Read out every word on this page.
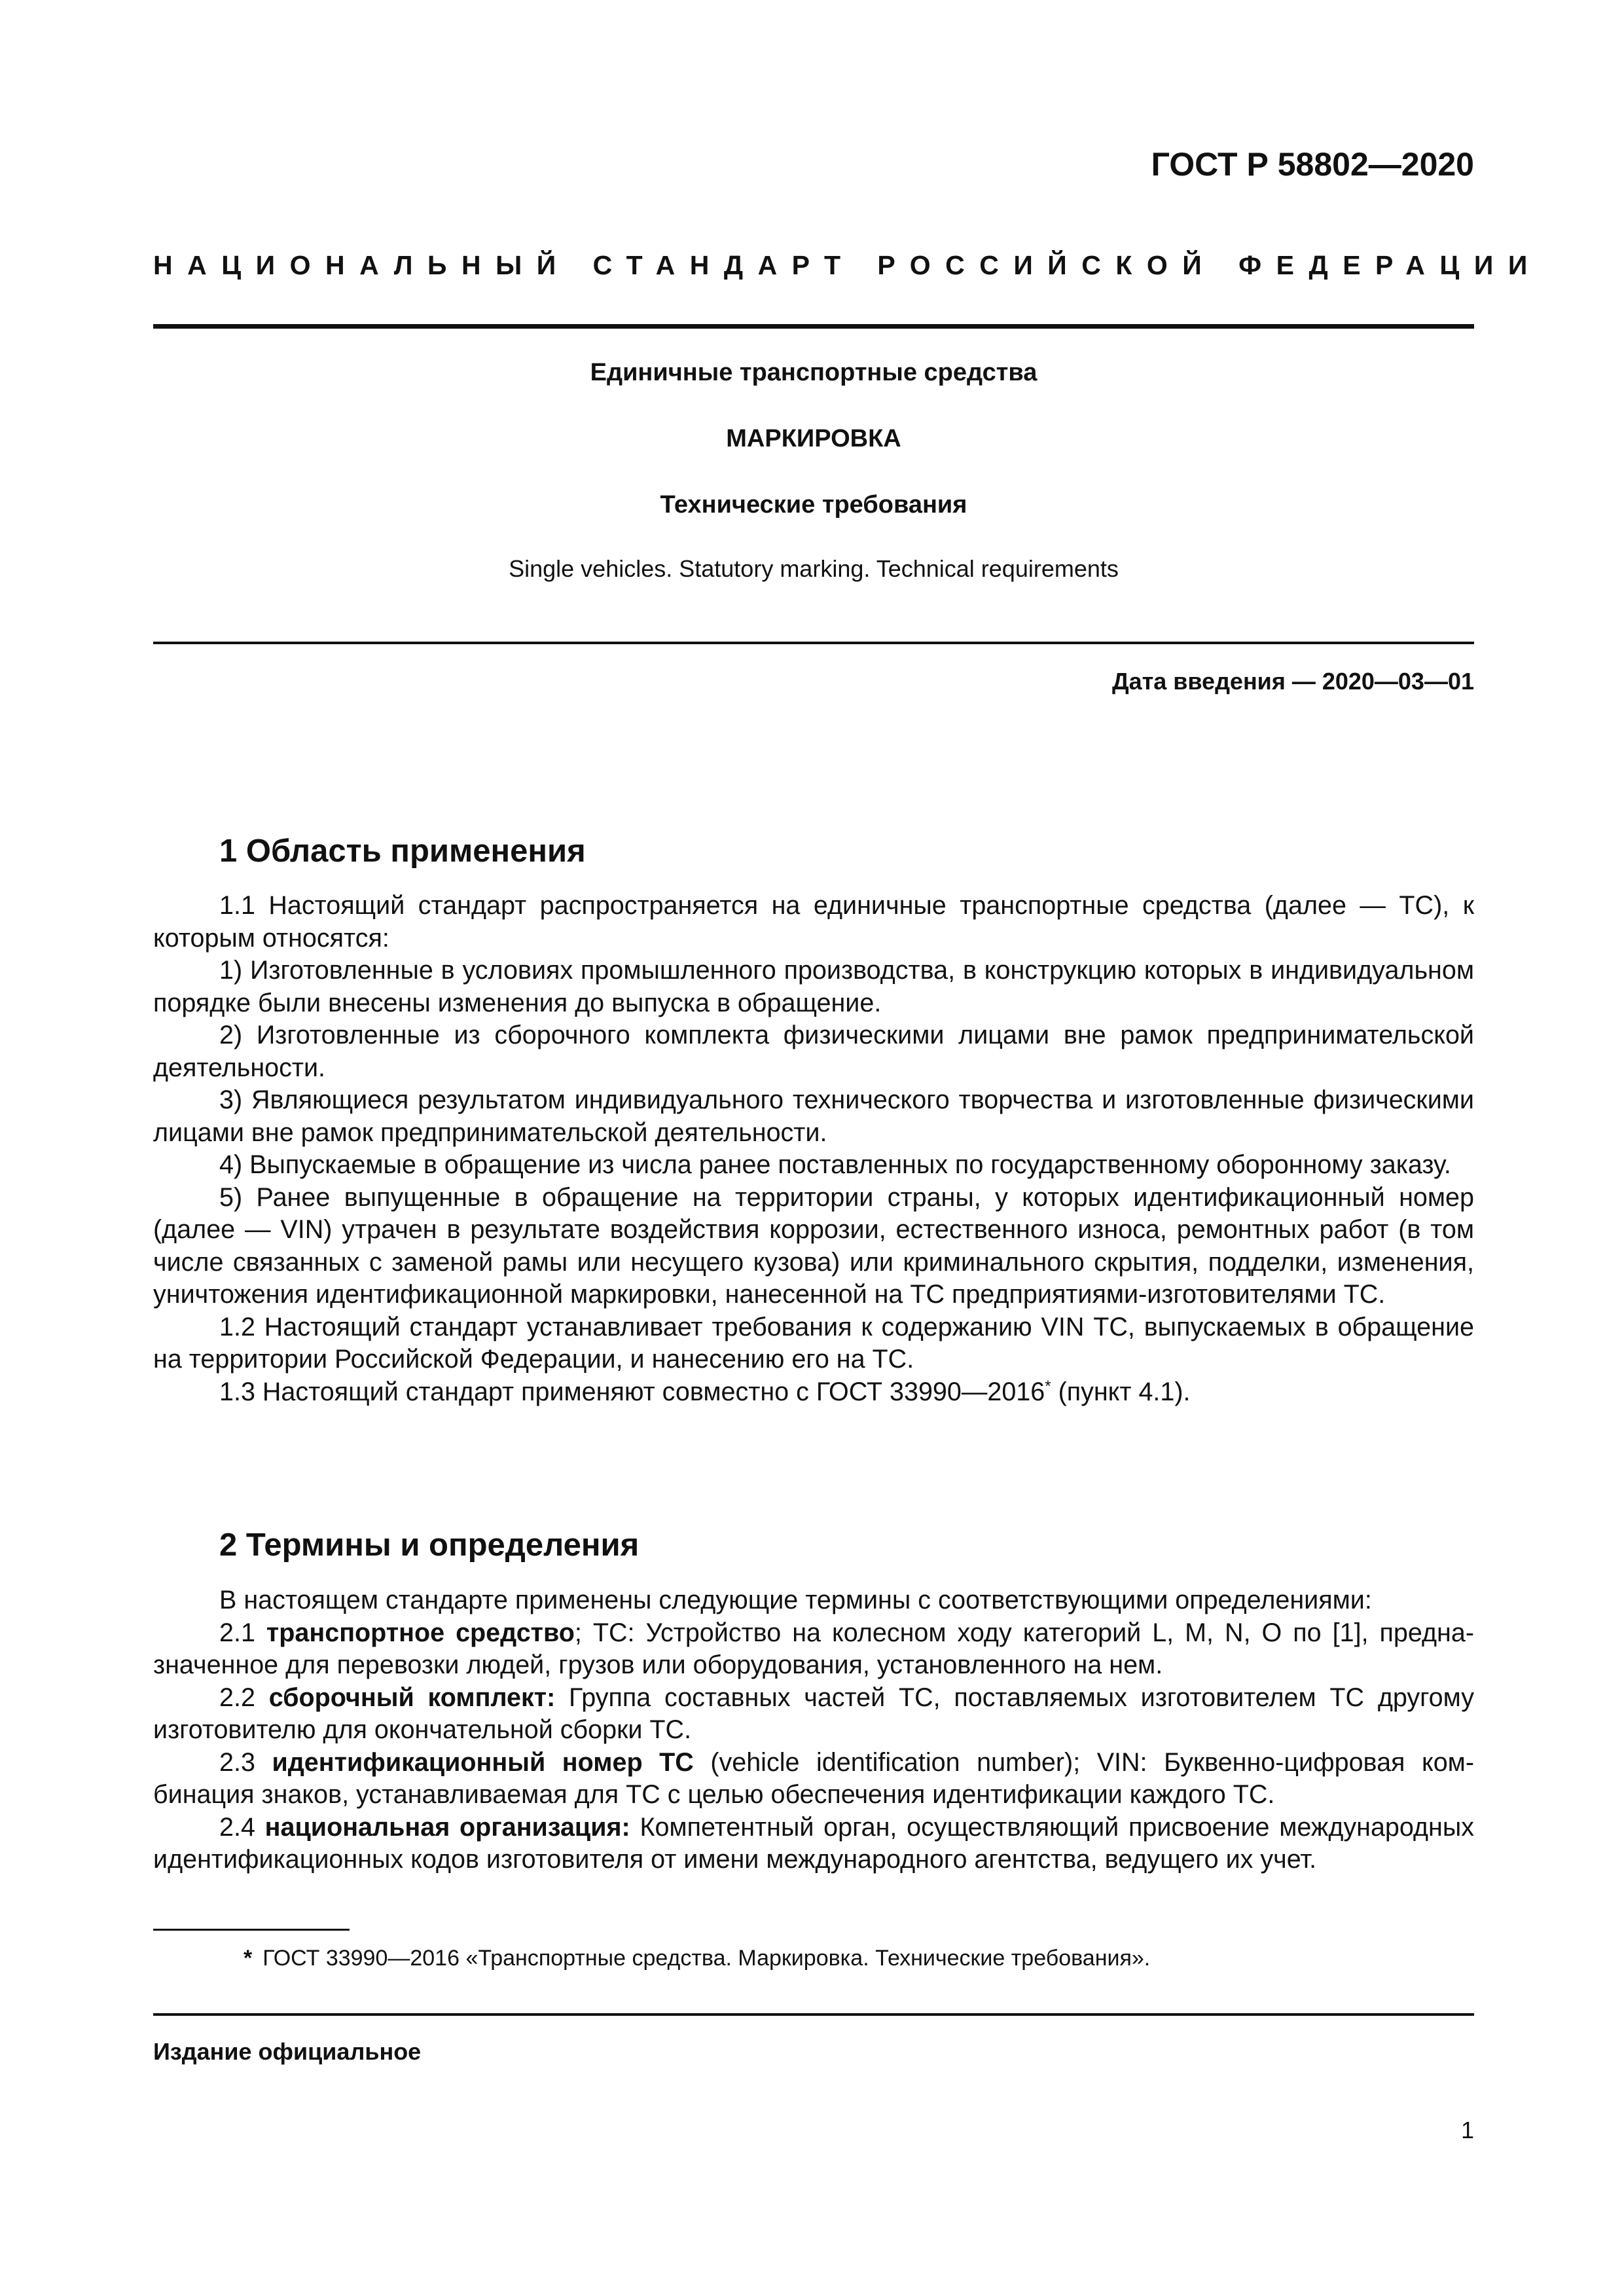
ГОСТ Р 58802—2020
НАЦИОНАЛЬНЫЙ СТАНДАРТ РОССИЙСКОЙ ФЕДЕРАЦИИ
Единичные транспортные средства
МАРКИРОВКА
Технические требования
Single vehicles. Statutory marking. Technical requirements
Дата введения — 2020—03—01
1 Область применения

1.1 Настоящий стандарт распространяется на единичные транспортные средства (далее — ТС), к которым относятся:

1) Изготовленные в условиях промышленного производства, в конструкцию которых в индивидуальном порядке были внесены изменения до выпуска в обращение.

2) Изготовленные из сборочного комплекта физическими лицами вне рамок предпринимательской деятельности.

3) Являющиеся результатом индивидуального технического творчества и изготовленные физическими лицами вне рамок предпринимательской деятельности.

4) Выпускаемые в обращение из числа ранее поставленных по государственному оборонному заказу.

5) Ранее выпущенные в обращение на территории страны, у которых идентификационный номер (далее — VIN) утрачен в результате воздействия коррозии, естественного износа, ремонтных работ (в том числе связанных с заменой рамы или несущего кузова) или криминального скрытия, подделки, изменения, уничтожения идентификационной маркировки, нанесенной на ТС предприятиями-изготовителями ТС.

1.2 Настоящий стандарт устанавливает требования к содержанию VIN ТС, выпускаемых в обращение на территории Российской Федерации, и нанесению его на ТС.

1.3 Настоящий стандарт применяют совместно с ГОСТ 33990—2016* (пункт 4.1).

2 Термины и определения

В настоящем стандарте применены следующие термины с соответствующими определениями:

2.1 транспортное средство; ТС: Устройство на колесном ходу категорий L, M, N, O по [1], предназначенное для перевозки людей, грузов или оборудования, установленного на нем.

2.2 сборочный комплект: Группа составных частей ТС, поставляемых изготовителем ТС другому изготовителю для окончательной сборки ТС.

2.3 идентификационный номер ТС (vehicle identification number); VIN: Буквенно-цифровая комбинация знаков, устанавливаемая для ТС с целью обеспечения идентификации каждого ТС.

2.4 национальная организация: Компетентный орган, осуществляющий присвоение международных идентификационных кодов изготовителя от имени международного агентства, ведущего их учет.

* ГОСТ 33990—2016 «Транспортные средства. Маркировка. Технические требования».
Издание официальное
1
